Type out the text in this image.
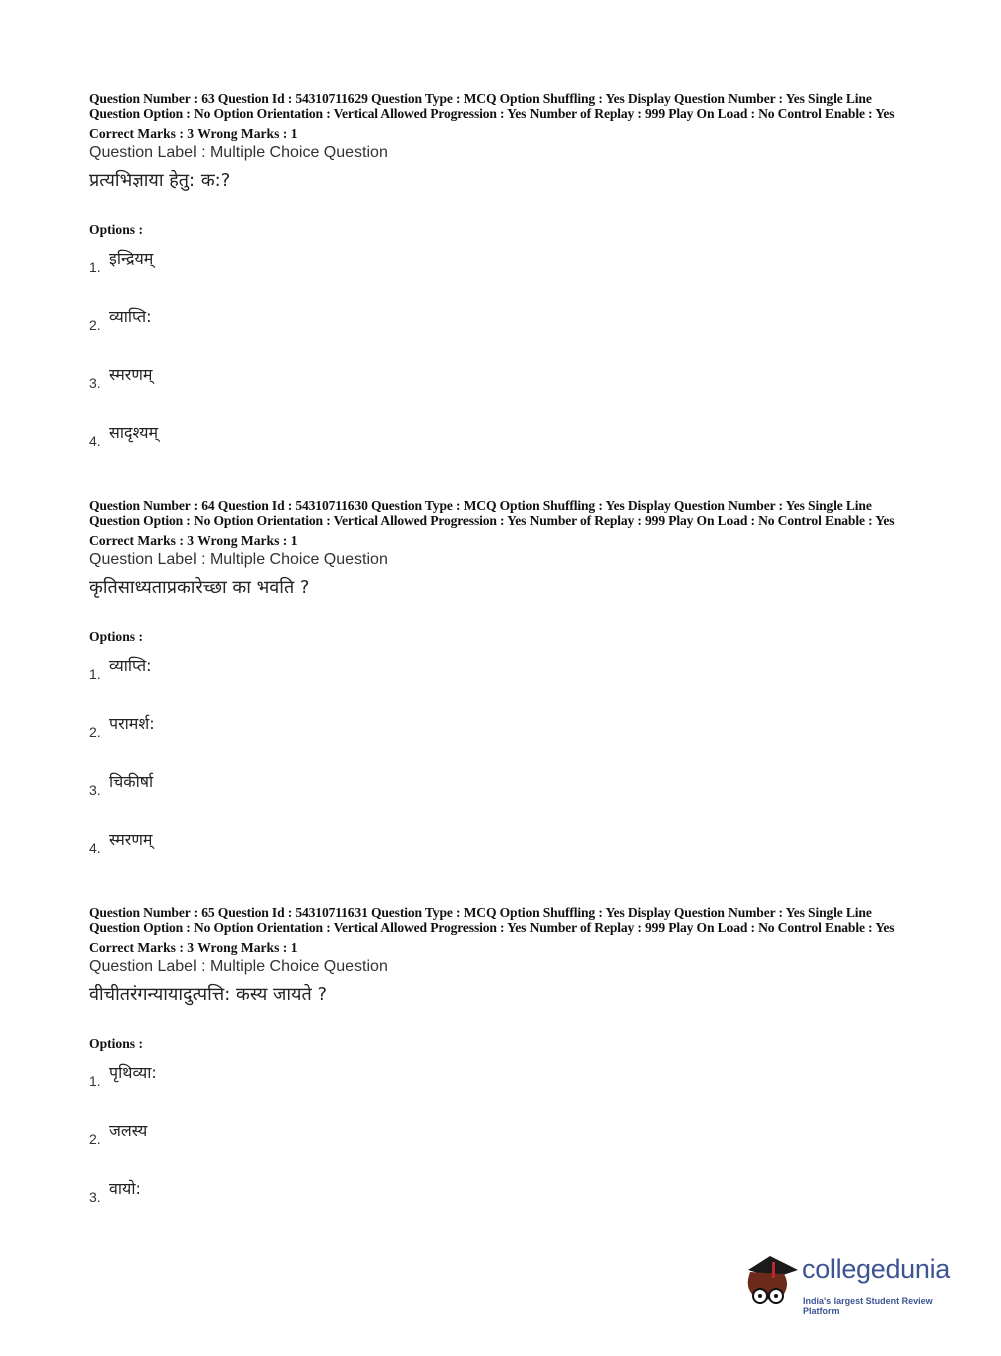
Question Number : 63 Question Id : 54310711629 Question Type : MCQ Option Shuffling : Yes Display Question Number : Yes Single Line Question Option : No Option Orientation : Vertical Allowed Progression : Yes Number of Replay : 999 Play On Load : No Control Enable : Yes
Correct Marks : 3 Wrong Marks : 1
Question Label : Multiple Choice Question
प्रत्यभिज्ञाया हेतु: क:?
Options :
1. इन्द्रियम्
2. व्याप्ति:
3. स्मरणम्
4. सादृश्यम्
Question Number : 64 Question Id : 54310711630 Question Type : MCQ Option Shuffling : Yes Display Question Number : Yes Single Line Question Option : No Option Orientation : Vertical Allowed Progression : Yes Number of Replay : 999 Play On Load : No Control Enable : Yes
Correct Marks : 3 Wrong Marks : 1
Question Label : Multiple Choice Question
कृतिसाध्यताप्रकारेच्छा का भवति ?
Options :
1. व्याप्ति:
2. परामर्श:
3. चिकीर्षा
4. स्मरणम्
Question Number : 65 Question Id : 54310711631 Question Type : MCQ Option Shuffling : Yes Display Question Number : Yes Single Line Question Option : No Option Orientation : Vertical Allowed Progression : Yes Number of Replay : 999 Play On Load : No Control Enable : Yes
Correct Marks : 3 Wrong Marks : 1
Question Label : Multiple Choice Question
वीचीतरंगन्यायादुत्पत्ति: कस्य जायते ?
Options :
1. पृथिव्या:
2. जलस्य
3. वायो:
collegedunia
India's largest Student Review Platform
